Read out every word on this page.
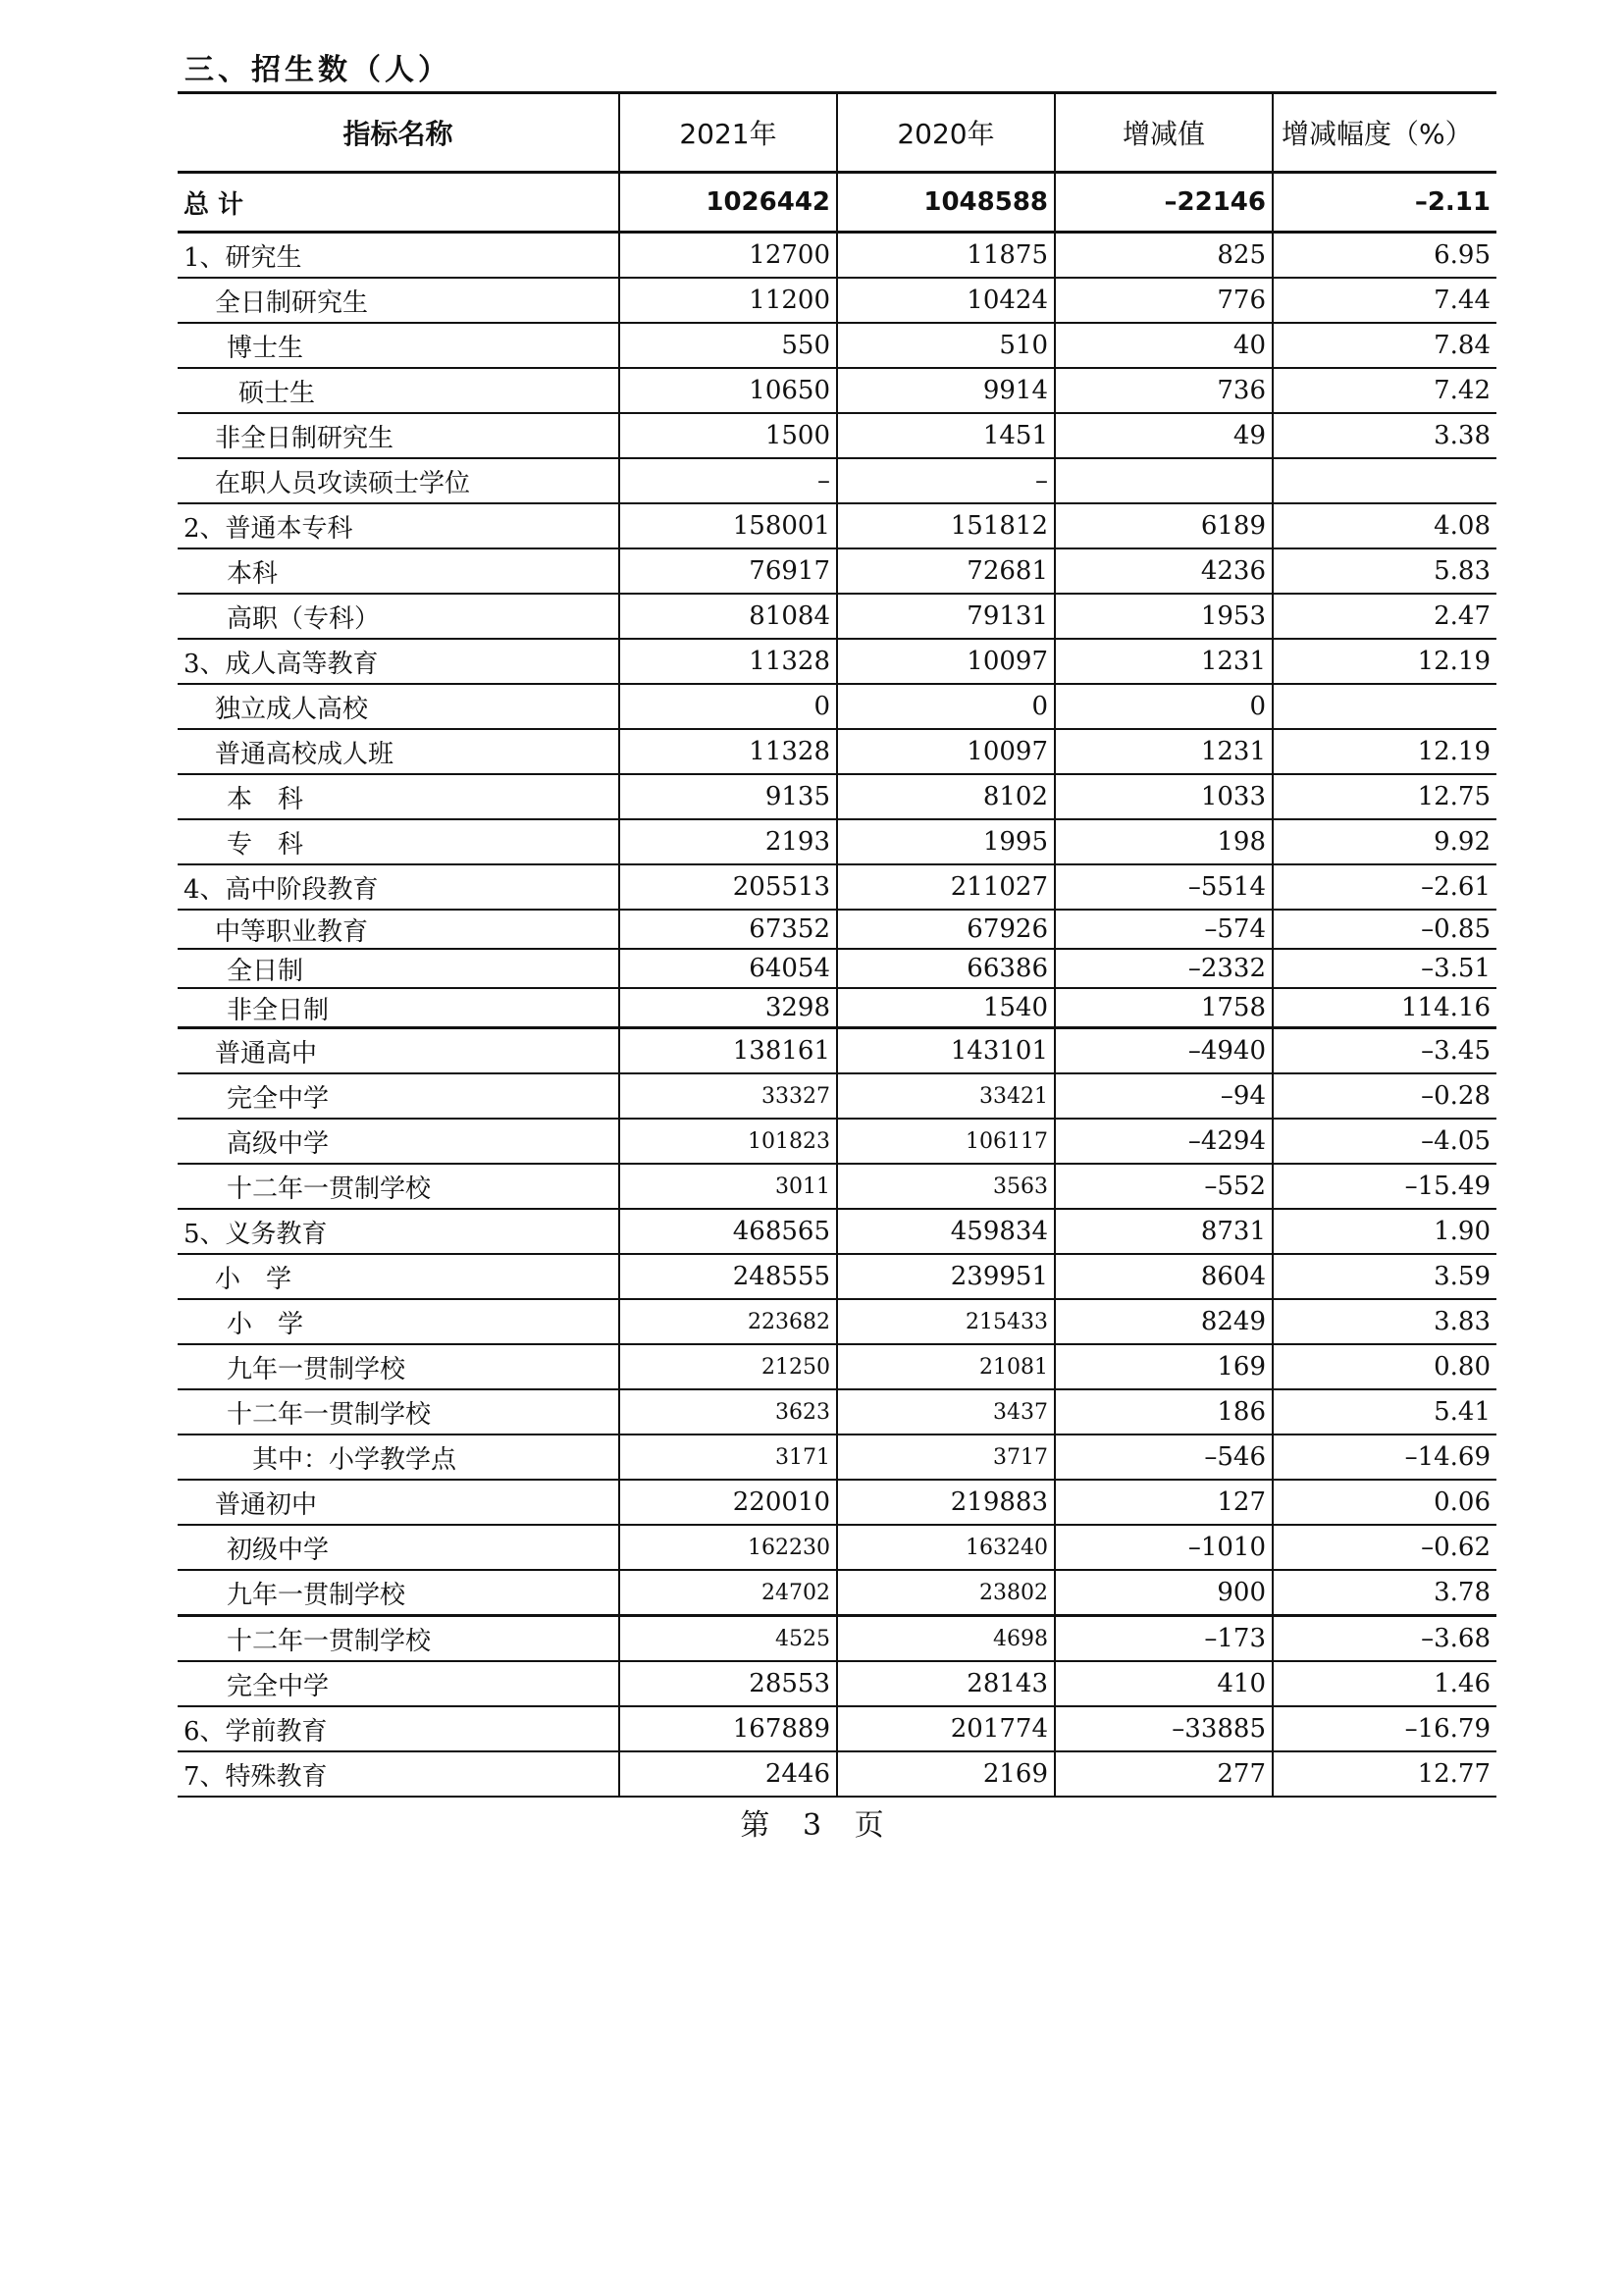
三、招生数（人）
指标名称	2021年	2020年	增减值	增减幅度（%）
总 计	1026442	1048588	–22146	–2.11
1、研究生	12700	11875	825	6.95
全日制研究生	11200	10424	776	7.44
博士生	550	510	40	7.84
硕士生	10650	9914	736	7.42
非全日制研究生	1500	1451	49	3.38
在职人员攻读硕士学位	–	–		
2、普通本专科	158001	151812	6189	4.08
本科	76917	72681	4236	5.83
高职（专科）	81084	79131	1953	2.47
3、成人高等教育	11328	10097	1231	12.19
独立成人高校	0	0	0	
普通高校成人班	11328	10097	1231	12.19
本　科	9135	8102	1033	12.75
专　科	2193	1995	198	9.92
4、高中阶段教育	205513	211027	–5514	–2.61
中等职业教育	67352	67926	–574	–0.85
全日制	64054	66386	–2332	–3.51
非全日制	3298	1540	1758	114.16
普通高中	138161	143101	–4940	–3.45
完全中学	33327	33421	–94	–0.28
高级中学	101823	106117	–4294	–4.05
十二年一贯制学校	3011	3563	–552	–15.49
5、义务教育	468565	459834	8731	1.90
小　学	248555	239951	8604	3.59
小　学	223682	215433	8249	3.83
九年一贯制学校	21250	21081	169	0.80
十二年一贯制学校	3623	3437	186	5.41
其中：小学教学点	3171	3717	–546	–14.69
普通初中	220010	219883	127	0.06
初级中学	162230	163240	–1010	–0.62
九年一贯制学校	24702	23802	900	3.78
十二年一贯制学校	4525	4698	–173	–3.68
完全中学	28553	28143	410	1.46
6、学前教育	167889	201774	–33885	–16.79
7、特殊教育	2446	2169	277	12.77
第 3 页
